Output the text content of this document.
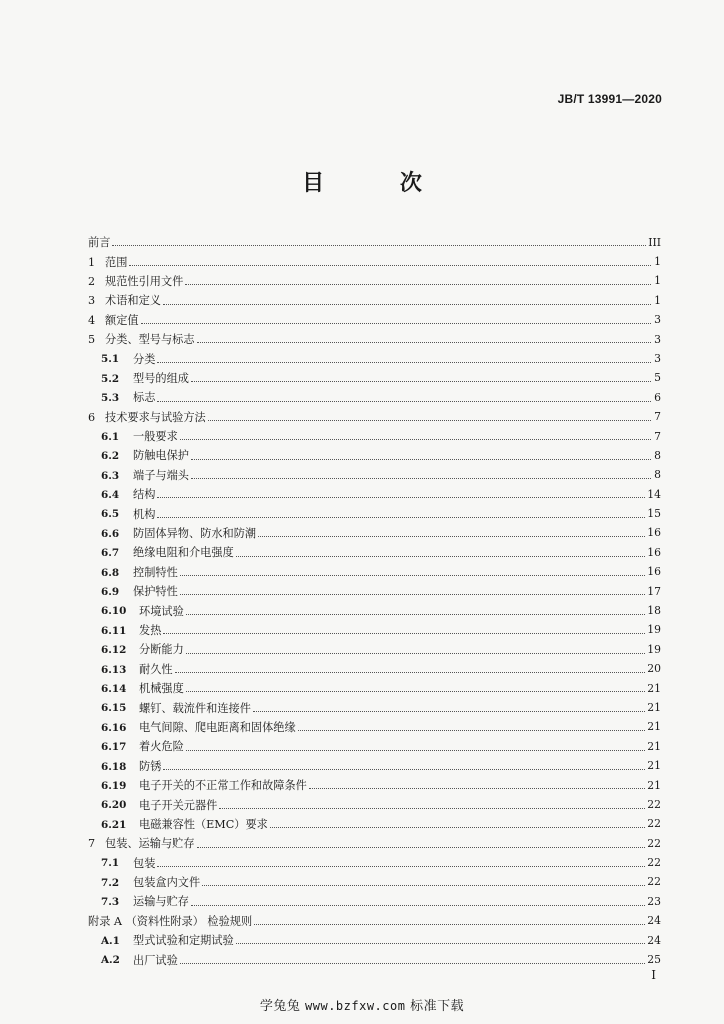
JB/T 13991—2020
目 次
前言	III
1 范围	1
2 规范性引用文件	1
3 术语和定义	1
4 额定值	3
5 分类、型号与标志	3
5.1	分类	3
5.2	型号的组成	5
5.3	标志	6
6 技术要求与试验方法	7
6.1	一般要求	7
6.2	防触电保护	8
6.3	端子与端头	8
6.4	结构	14
6.5	机构	15
6.6	防固体异物、防水和防潮	16
6.7	绝缘电阻和介电强度	16
6.8	控制特性	16
6.9	保护特性	17
6.10	环境试验	18
6.11	发热	19
6.12	分断能力	19
6.13	耐久性	20
6.14	机械强度	21
6.15	螺钉、载流件和连接件	21
6.16	电气间隙、爬电距离和固体绝缘	21
6.17	着火危险	21
6.18	防锈	21
6.19	电子开关的不正常工作和故障条件	21
6.20	电子开关元器件	22
6.21	电磁兼容性（EMC）要求	22
7 包装、运输与贮存	22
7.1	包装	22
7.2	包装盒内文件	22
7.3	运输与贮存	23
附录 A （资料性附录） 检验规则	24
A.1	型式试验和定期试验	24
A.2	出厂试验	25
I
学兔兔 www.bzfxw.com 标准下载
